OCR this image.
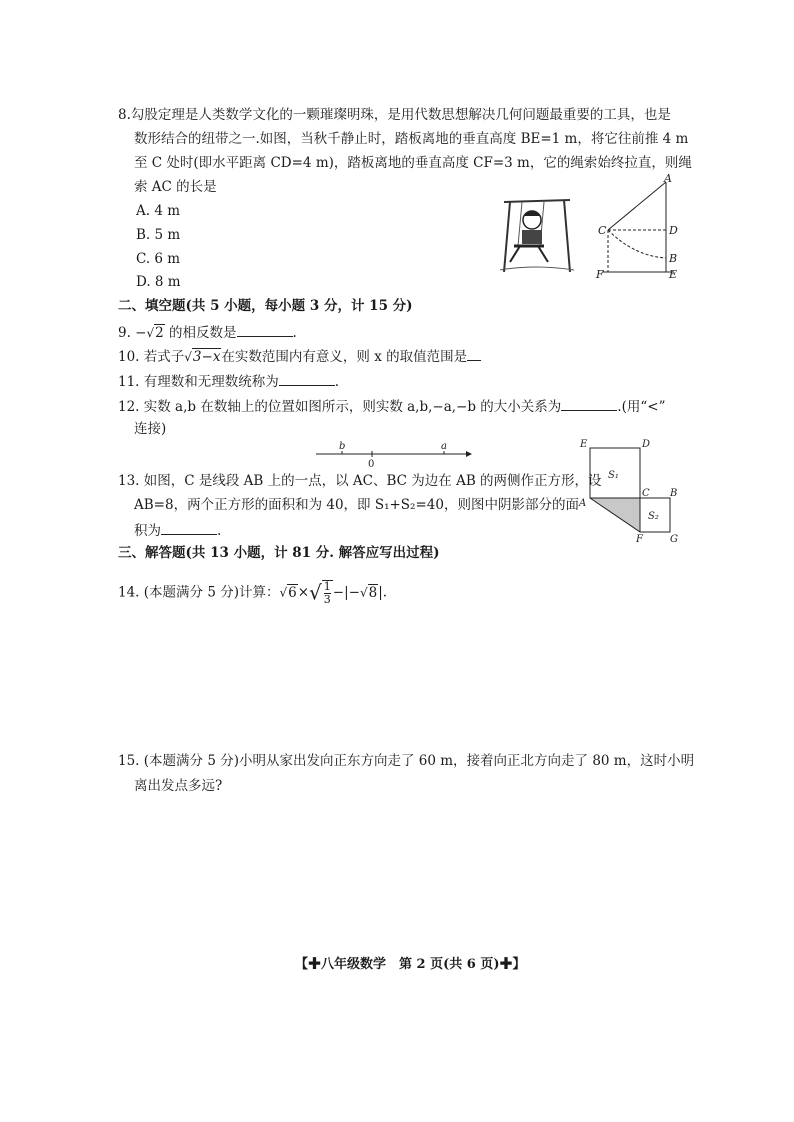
8.勾股定理是人类数学文化的一颗璀璨明珠，是用代数思想解决几何问题最重要的工具，也是
数形结合的纽带之一.如图，当秋千静止时，踏板离地的垂直高度 BE=1 m，将它往前推 4 m
至 C 处时(即水平距离 CD=4 m)，踏板离地的垂直高度 CF=3 m，它的绳索始终拉直，则绳
索 AC 的长是
A. 4 m
B. 5 m
C. 6 m
D. 8 m
A
C	D
B
F	E
二、填空题(共 5 小题，每小题 3 分，计 15 分)
9. −√2 的相反数是	.
10. 若式子√3−x在实数范围内有意义，则 x 的取值范围是
11. 有理数和无理数统称为	.
12. 实数 a,b 在数轴上的位置如图所示，则实数 a,b,−a,−b 的大小关系为	.(用“<”
连接)
b
0
a
13. 如图，C 是线段 AB 上的一点，以 AC、BC 为边在 AB 的两侧作正方形，设
AB=8，两个正方形的面积和为 40，即 S₁+S₂=40，则图中阴影部分的面
积为	.
E	D
S₁
C B
A
S₂
F	G
三、解答题(共 13 小题，计 81 分. 解答应写出过程)
14. (本题满分 5 分)计算：$√6\times√ \frac{1}{3} -|-√8|$.
15. (本题满分 5 分)小明从家出发向正东方向走了 60 m，接着向正北方向走了 80 m，这时小明
离出发点多远?
【✚八年级数学　第 2 页(共 6 页)✚】
